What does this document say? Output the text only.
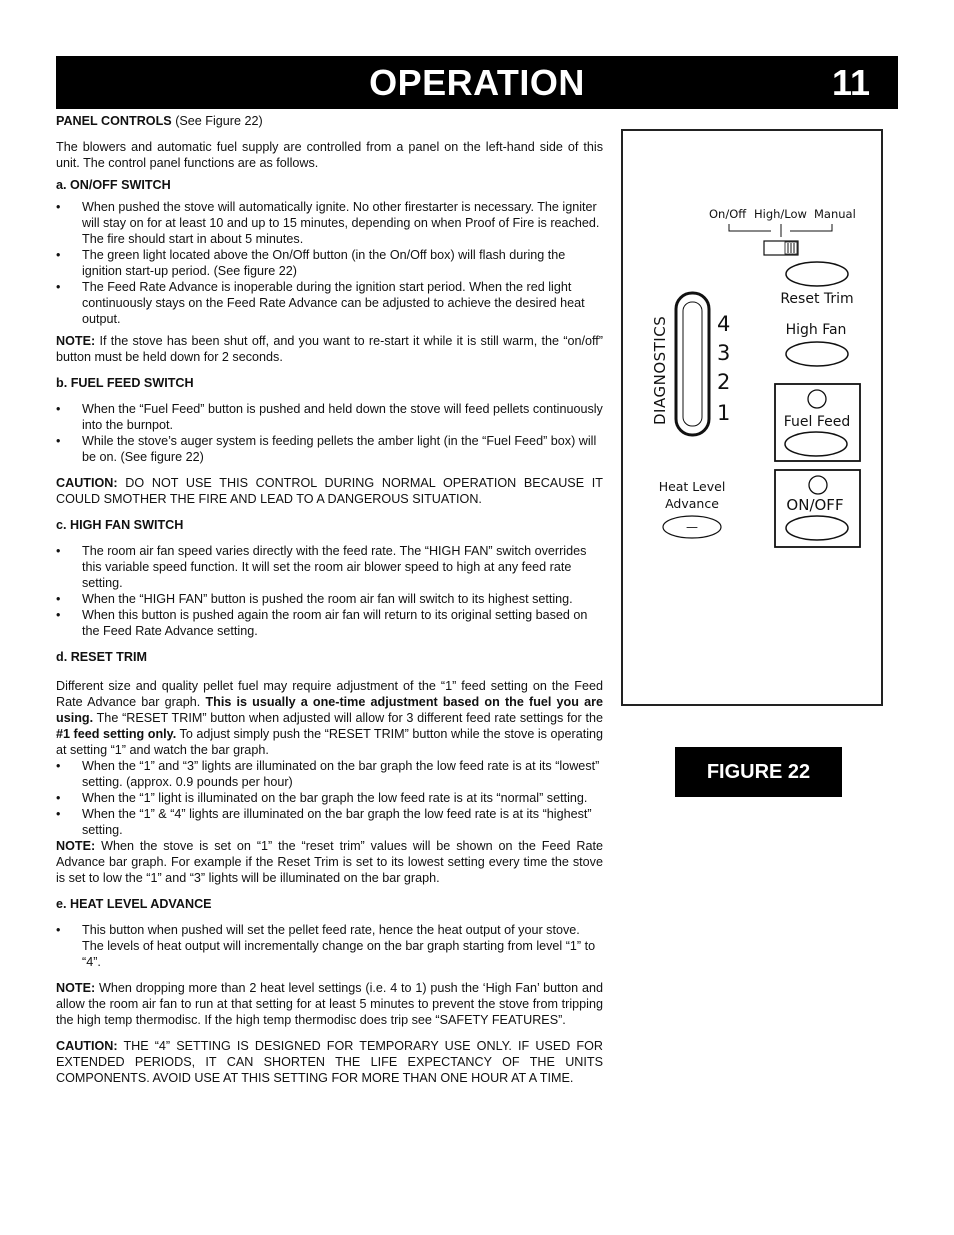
OPERATION	11

PANEL CONTROLS (See Figure 22)

The blowers and automatic fuel supply are controlled from a panel on the left-hand side of this unit. The control panel functions are as follows.

a. ON/OFF SWITCH
• When pushed the stove will automatically ignite. No other firestarter is necessary. The igniter will stay on for at least 10 and up to 15 minutes, depending on when Proof of Fire is reached. The fire should start in about 5 minutes.
• The green light located above the On/Off button (in the On/Off box) will flash during the ignition start-up period. (See figure 22)
• The Feed Rate Advance is inoperable during the ignition start period. When the red light continuously stays on the Feed Rate Advance can be adjusted to achieve the desired heat output.

NOTE: If the stove has been shut off, and you want to re-start it while it is still warm, the “on/off” button must be held down for 2 seconds.

b. FUEL FEED SWITCH
• When the “Fuel Feed” button is pushed and held down the stove will feed pellets continuously into the burnpot.
• While the stove’s auger system is feeding pellets the amber light (in the “Fuel Feed” box) will be on. (See figure 22)

CAUTION: DO NOT USE THIS CONTROL DURING NORMAL OPERATION BECAUSE IT COULD SMOTHER THE FIRE AND LEAD TO A DANGEROUS SITUATION.

c. HIGH FAN SWITCH
• The room air fan speed varies directly with the feed rate. The “HIGH FAN” switch overrides this variable speed function. It will set the room air blower speed to high at any feed rate setting.
• When the “HIGH FAN” button is pushed the room air fan will switch to its highest setting.
• When this button is pushed again the room air fan will return to its original setting based on the Feed Rate Advance setting.
d. RESET TRIM

Different size and quality pellet fuel may require adjustment of the “1” feed setting on the Feed Rate Advance bar graph. This is usually a one-time adjustment based on the fuel you are using. The “RESET TRIM” button when adjusted will allow for 3 different feed rate settings for the #1 feed setting only. To adjust simply push the “RESET TRIM” button while the stove is operating at setting “1” and watch the bar graph.

• When the “1” and “3” lights are illuminated on the bar graph the low feed rate is at its “lowest” setting. (approx. 0.9 pounds per hour)
• When the “1” light is illuminated on the bar graph the low feed rate is at its “normal” setting.
• When the “1” & “4” lights are illuminated on the bar graph the low feed rate is at its “highest” setting.

NOTE: When the stove is set on “1” the “reset trim” values will be shown on the Feed Rate Advance bar graph. For example if the Reset Trim is set to its lowest setting every time the stove is set to low the “1” and “3” lights will be illuminated on the bar graph.

e. HEAT LEVEL ADVANCE
• This button when pushed will set the pellet feed rate, hence the heat output of your stove. The levels of heat output will incrementally change on the bar graph starting from level “1” to “4”.

NOTE: When dropping more than 2 heat level settings (i.e. 4 to 1) push the ‘High Fan’ button and allow the room air fan to run at that setting for at least 5 minutes to prevent the stove from tripping the high temp thermodisc. If the high temp thermodisc does trip see “SAFETY FEATURES”.

CAUTION: THE “4” SETTING IS DESIGNED FOR TEMPORARY USE ONLY. IF USED FOR EXTENDED PERIODS, IT CAN SHORTEN THE LIFE EXPECTANCY OF THE UNITS COMPONENTS. AVOID USE AT THIS SETTING FOR MORE THAN ONE HOUR AT A TIME.

On/Off High/Low Manual
Reset Trim
High Fan
DIAGNOSTICS 4
3
2
1	Fuel Feed
Heat Level
Advance
—
ON/OFF
FIGURE 22
